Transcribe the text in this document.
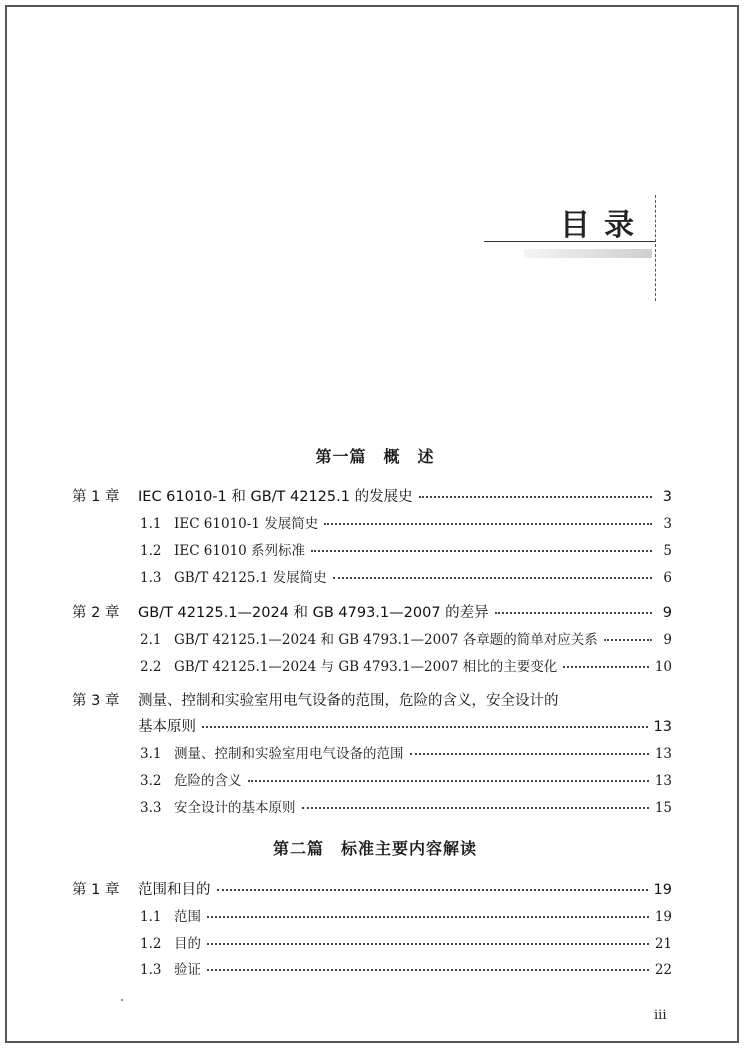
目录
第一篇　概　述
第 1 章	IEC 61010-1 和 GB/T 42125.1 的发展史	3
1.1 IEC 61010-1 发展简史	3
1.2 IEC 61010 系列标准	5
1.3 GB/T 42125.1 发展简史	6
第 2 章	GB/T 42125.1—2024 和 GB 4793.1—2007 的差异	9
2.1 GB/T 42125.1—2024 和 GB 4793.1—2007 各章题的简单对应关系	9
2.2 GB/T 42125.1—2024 与 GB 4793.1—2007 相比的主要变化	10
第 3 章	测量、控制和实验室用电气设备的范围，危险的含义，安全设计的
基本原则	13
3.1 测量、控制和实验室用电气设备的范围	13
3.2 危险的含义	13
3.3 安全设计的基本原则	15
第二篇　标准主要内容解读
第 1 章	范围和目的	19
1.1 范围	19
1.2 目的	21
1.3 验证	22
iii
